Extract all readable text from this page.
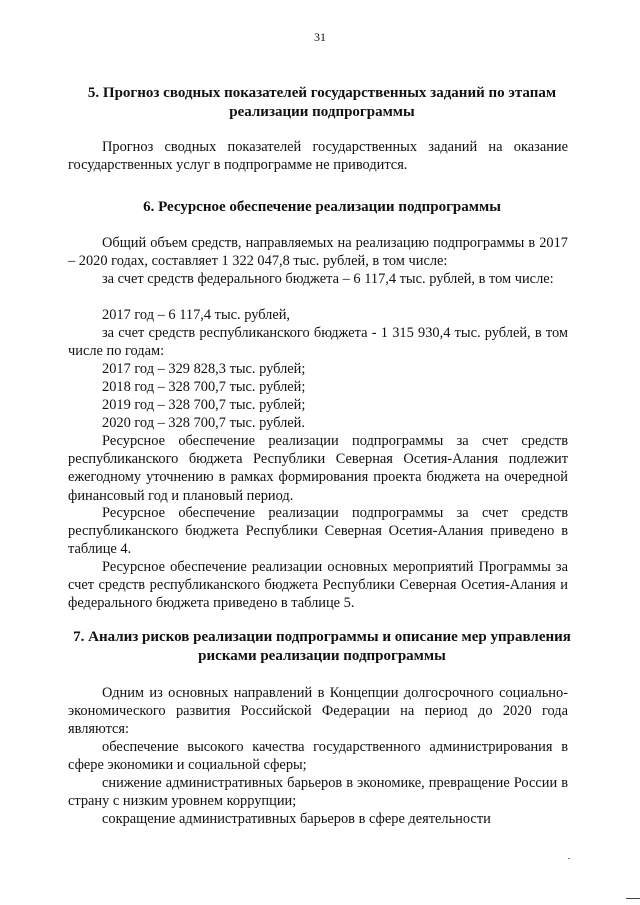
31
5. Прогноз сводных показателей государственных заданий по этапам реализации подпрограммы
Прогноз сводных показателей государственных заданий на оказание государственных услуг в подпрограмме не приводится.
6. Ресурсное обеспечение реализации подпрограммы
Общий объем средств, направляемых на реализацию подпрограммы в 2017 – 2020 годах, составляет 1 322 047,8 тыс. рублей, в том числе:
за счет средств федерального бюджета – 6 117,4 тыс. рублей, в том числе:
2017 год – 6 117,4 тыс. рублей,
за счет средств республиканского бюджета - 1 315 930,4 тыс. рублей, в том числе по годам:
2017 год – 329 828,3 тыс. рублей;
2018 год – 328 700,7 тыс. рублей;
2019 год – 328 700,7 тыс. рублей;
2020 год – 328 700,7 тыс. рублей.
Ресурсное обеспечение реализации подпрограммы за счет средств республиканского бюджета Республики Северная Осетия-Алания подлежит ежегодному уточнению в рамках формирования проекта бюджета на очередной финансовый год и плановый период.
Ресурсное обеспечение реализации подпрограммы за счет средств республиканского бюджета Республики Северная Осетия-Алания приведено в таблице 4.
Ресурсное обеспечение реализации основных мероприятий Программы за счет средств республиканского бюджета Республики Северная Осетия-Алания и федерального бюджета приведено в таблице 5.
7. Анализ рисков реализации подпрограммы и описание мер управления рисками реализации подпрограммы
Одним из основных направлений в Концепции долгосрочного социально-экономического развития Российской Федерации на период до 2020 года являются:
обеспечение высокого качества государственного администрирования в сфере экономики и социальной сферы;
снижение административных барьеров в экономике, превращение России в страну с низким уровнем коррупции;
сокращение административных барьеров в сфере деятельности
